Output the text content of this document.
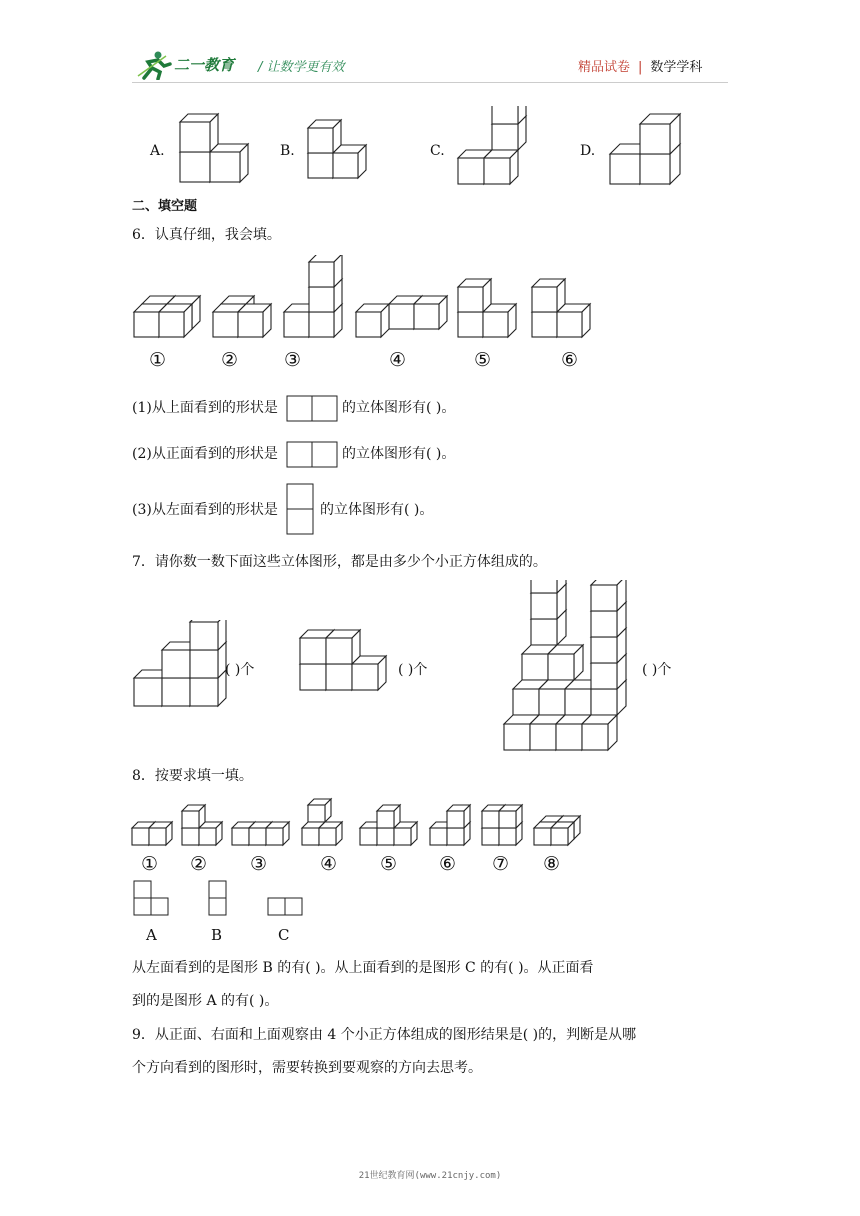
二一教育 / 让数学更有效	精品试卷 | 数学学科
A.	B.	C.	D.
二、填空题
6．认真仔细，我会填。
①	② ③	④	⑤	⑥
(1)从上面看到的形状是	的立体图形有( )。
(2)从正面看到的形状是	的立体图形有( )。
(3)从左面看到的形状是	的立体图形有( )。
7．请你数一数下面这些立体图形，都是由多少个小正方体组成的。
( )个	( )个	( )个
8．按要求填一填。
① ② ③	④ ⑤ ⑥ ⑦ ⑧
A	B	C
从左面看到的是图形 B 的有( )。从上面看到的是图形 C 的有( )。从正面看
到的是图形 A 的有( )。
9．从正面、右面和上面观察由 4 个小正方体组成的图形结果是( )的，判断是从哪
个方向看到的图形时，需要转换到要观察的方向去思考。
21世纪教育网(www.21cnjy.com)
